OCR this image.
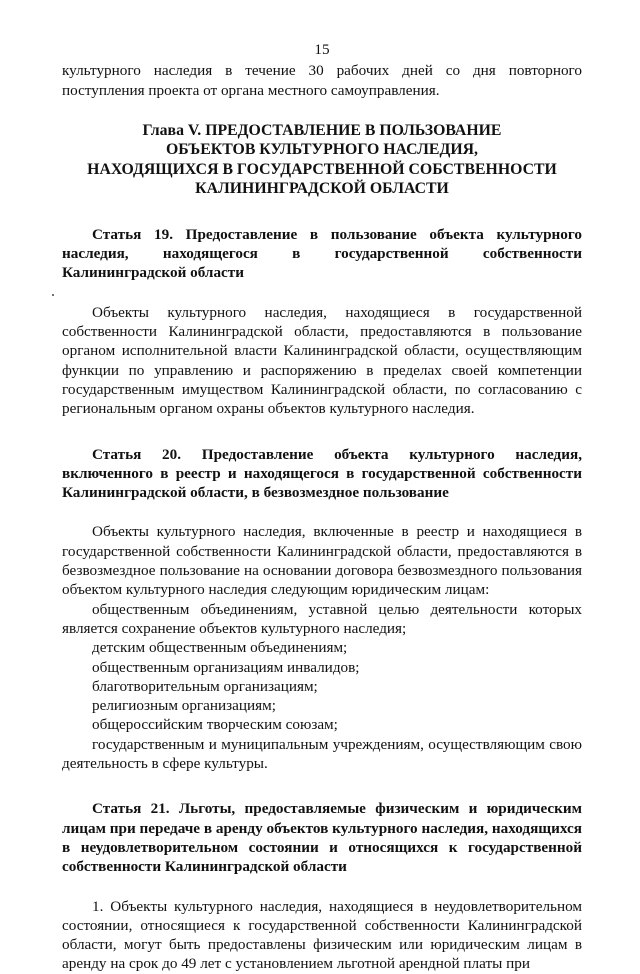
15

культурного наследия в течение 30 рабочих дней со дня повторного поступления проекта от органа местного самоуправления.

Глава V. ПРЕДОСТАВЛЕНИЕ В ПОЛЬЗОВАНИЕ
ОБЪЕКТОВ КУЛЬТУРНОГО НАСЛЕДИЯ,
НАХОДЯЩИХСЯ В ГОСУДАРСТВЕННОЙ СОБСТВЕННОСТИ
КАЛИНИНГРАДСКОЙ ОБЛАСТИ

Статья 19. Предоставление в пользование объекта культурного наследия, находящегося в государственной собственности Калининградской области

Объекты культурного наследия, находящиеся в государственной собственности Калининградской области, предоставляются в пользование органом исполнительной власти Калининградской области, осуществляющим функции по управлению и распоряжению в пределах своей компетенции государственным имуществом Калининградской области, по согласованию с региональным органом охраны объектов культурного наследия.

Статья 20. Предоставление объекта культурного наследия, включенного в реестр и находящегося в государственной собственности Калининградской области, в безвозмездное пользование

Объекты культурного наследия, включенные в реестр и находящиеся в государственной собственности Калининградской области, предоставляются в безвозмездное пользование на основании договора безвозмездного пользования объектом культурного наследия следующим юридическим лицам:

общественным объединениям, уставной целью деятельности которых является сохранение объектов культурного наследия;

детским общественным объединениям;

общественным организациям инвалидов;

благотворительным организациям;

религиозным организациям;

общероссийским творческим союзам;

государственным и муниципальным учреждениям, осуществляющим свою деятельность в сфере культуры.

Статья 21. Льготы, предоставляемые физическим и юридическим лицам при передаче в аренду объектов культурного наследия, находящихся в неудовлетворительном состоянии и относящихся к государственной собственности Калининградской области

1. Объекты культурного наследия, находящиеся в неудовлетворительном состоянии, относящиеся к государственной собственности Калининградской области, могут быть предоставлены физическим или юридическим лицам в аренду на срок до 49 лет с установлением льготной арендной платы при
